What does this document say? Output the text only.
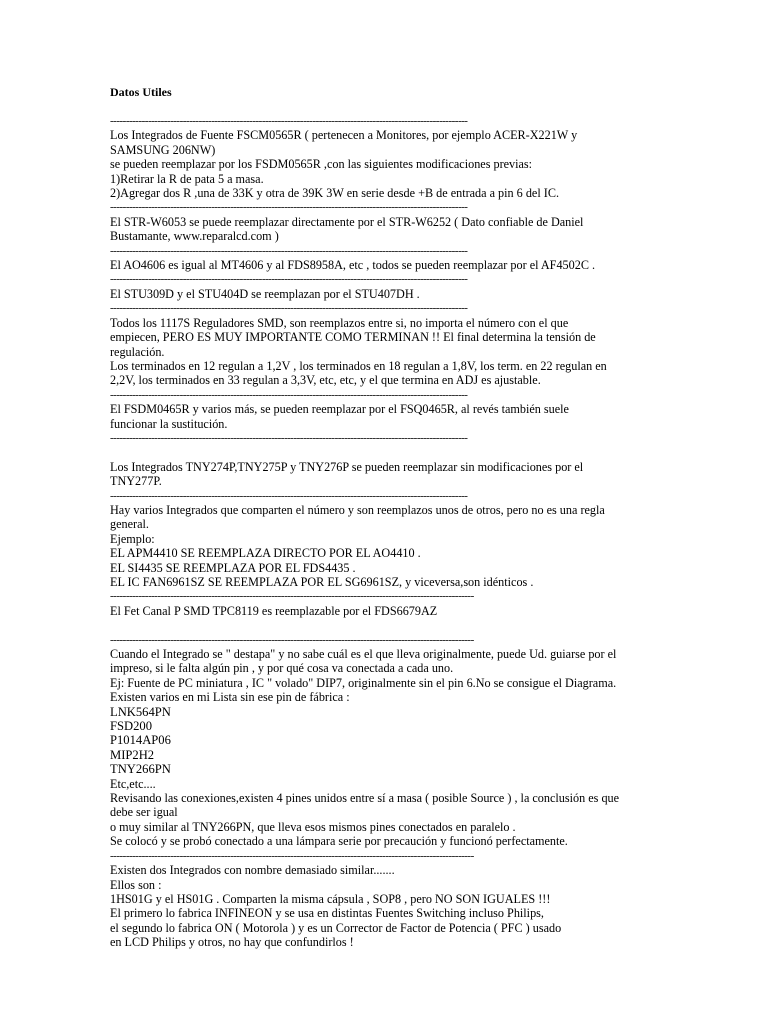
Datos Utiles
-----------------------------------------------------------------------------------------------------------------
Los Integrados de Fuente FSCM0565R ( pertenecen a Monitores, por ejemplo ACER-X221W y
SAMSUNG 206NW)
se pueden reemplazar por los FSDM0565R ,con las siguientes modificaciones previas:
1)Retirar la R de pata 5 a masa.
2)Agregar dos R ,una de 33K y otra de 39K 3W en serie desde +B de entrada a pin 6 del IC.
-----------------------------------------------------------------------------------------------------------------
El STR-W6053 se puede reemplazar directamente por el STR-W6252 ( Dato confiable de Daniel
Bustamante, www.reparalcd.com )
-----------------------------------------------------------------------------------------------------------------
El AO4606 es igual al MT4606 y al FDS8958A, etc , todos se pueden reemplazar por el AF4502C .
-----------------------------------------------------------------------------------------------------------------
El STU309D y el STU404D se reemplazan por el STU407DH .
-----------------------------------------------------------------------------------------------------------------
Todos los 1117S Reguladores SMD, son reemplazos entre si, no importa el número con el que
empiecen, PERO ES MUY IMPORTANTE COMO TERMINAN !! El final determina la tensión de
regulación.
Los terminados en 12 regulan a 1,2V , los terminados en 18 regulan a 1,8V, los term. en 22 regulan en
2,2V, los terminados en 33 regulan a 3,3V, etc, etc, y el que termina en ADJ es ajustable.
-----------------------------------------------------------------------------------------------------------------
El FSDM0465R y varios más, se pueden reemplazar por el FSQ0465R, al revés también suele
funcionar la sustitución.
-----------------------------------------------------------------------------------------------------------------
Los Integrados TNY274P,TNY275P y TNY276P se pueden reemplazar sin modificaciones por el
TNY277P.
-----------------------------------------------------------------------------------------------------------------
Hay varios Integrados que comparten el número y son reemplazos unos de otros, pero no es una regla
general.
Ejemplo:
EL APM4410 SE REEMPLAZA DIRECTO POR EL AO4410 .
EL SI4435 SE REEMPLAZA POR EL FDS4435 .
EL IC FAN6961SZ SE REEMPLAZA POR EL SG6961SZ, y viceversa,son idénticos .
-------------------------------------------------------------------------------------------------------------------
El Fet Canal P SMD TPC8119 es reemplazable por el FDS6679AZ
-------------------------------------------------------------------------------------------------------------------
Cuando el Integrado se " destapa" y no sabe cuál es el que lleva originalmente, puede Ud. guiarse por el
impreso, si le falta algún pin , y por qué cosa va conectada a cada uno.
Ej: Fuente de PC miniatura , IC " volado" DIP7, originalmente sin el pin 6.No se consigue el Diagrama.
Existen varios en mi Lista sin ese pin de fábrica :
LNK564PN
FSD200
P1014AP06
MIP2H2
TNY266PN
Etc,etc....
Revisando las conexiones,existen 4 pines unidos entre sí a masa ( posible Source ) , la conclusión es que
debe ser igual
o muy similar al TNY266PN, que lleva esos mismos pines conectados en paralelo .
Se colocó y se probó conectado a una lámpara serie por precaución y funcionó perfectamente.
-------------------------------------------------------------------------------------------------------------------
Existen dos Integrados con nombre demasiado similar.......
Ellos son :
1HS01G y el HS01G . Comparten la misma cápsula , SOP8 , pero NO SON IGUALES !!!
El primero lo fabrica INFINEON y se usa en distintas Fuentes Switching incluso Philips,
el segundo lo fabrica ON ( Motorola ) y es un Corrector de Factor de Potencia ( PFC ) usado
en LCD Philips y otros, no hay que confundirlos !
